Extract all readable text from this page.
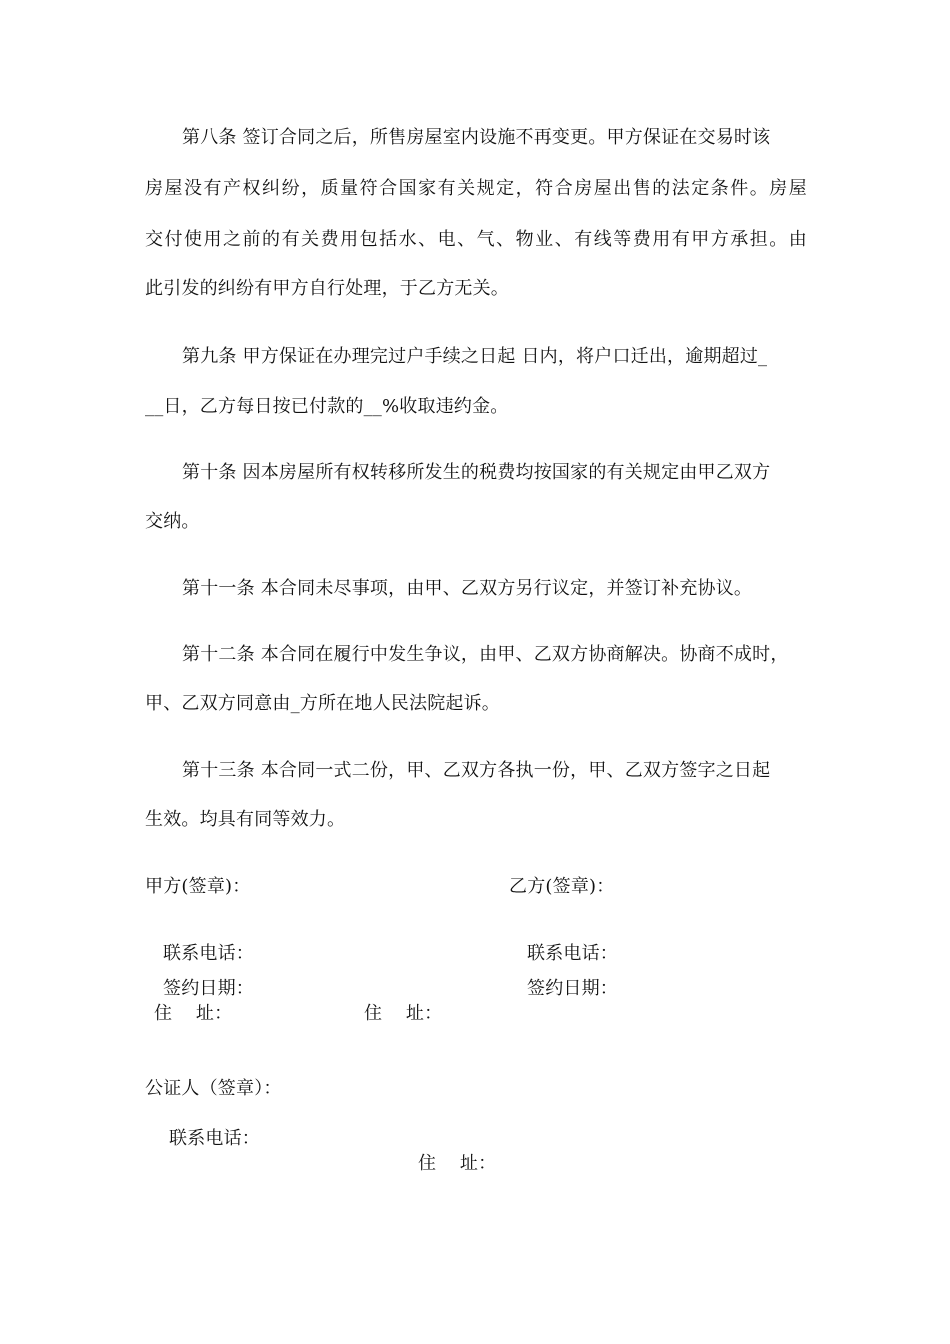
第八条 签订合同之后，所售房屋室内设施不再变更。甲方保证在交易时该
房屋没有产权纠纷，质量符合国家有关规定，符合房屋出售的法定条件。房屋
交付使用之前的有关费用包括水、电、气、物业、有线等费用有甲方承担。由
此引发的纠纷有甲方自行处理，于乙方无关。
第九条 甲方保证在办理完过户手续之日起 日内，将户口迁出，逾期超过_
__日，乙方每日按已付款的__%收取违约金。
第十条 因本房屋所有权转移所发生的税费均按国家的有关规定由甲乙双方
交纳。
第十一条 本合同未尽事项，由甲、乙双方另行议定，并签订补充协议。
第十二条 本合同在履行中发生争议，由甲、乙双方协商解决。协商不成时，
甲、乙双方同意由_方所在地人民法院起诉。
第十三条 本合同一式二份，甲、乙双方各执一份，甲、乙双方签字之日起
生效。均具有同等效力。
甲方(签章)：	乙方(签章)：
联系电话：	联系电话：
签约日期：	签约日期：
住    址：	住    址：
公证人（签章）：
联系电话：
住    址：
